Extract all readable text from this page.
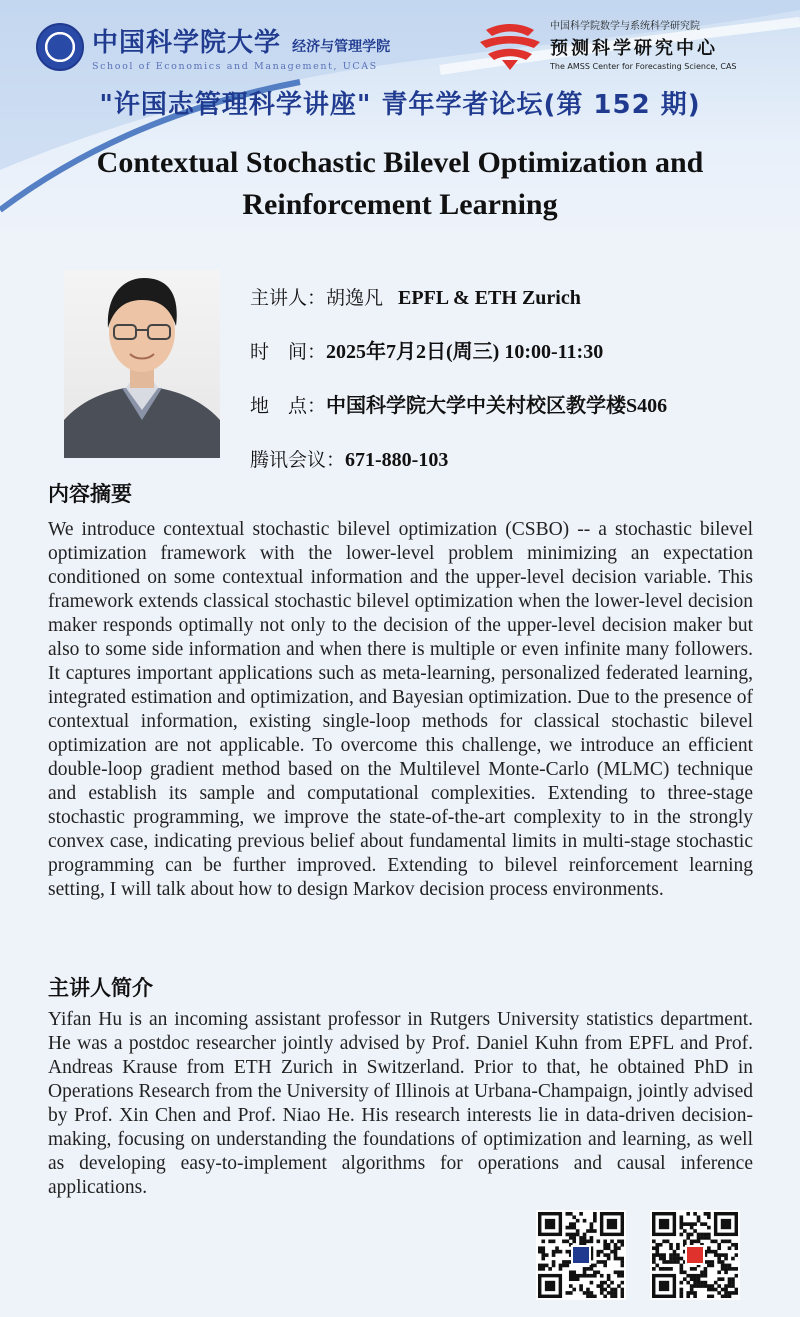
中国科学院大学 经济与管理学院
School of Economics and Management, UCAS
中国科学院数学与系统科学研究院
预测科学研究中心
The AMSS Center for Forecasting Science, CAS
"许国志管理科学讲座" 青年学者论坛(第 152 期)
Contextual Stochastic Bilevel Optimization and Reinforcement Learning
主讲人：胡逸凡 EPFL & ETH Zurich
时　间：2025年7月2日(周三) 10:00-11:30
地　点：中国科学院大学中关村校区教学楼S406
腾讯会议：671-880-103
内容摘要
We introduce contextual stochastic bilevel optimization (CSBO) -- a stochastic bilevel optimization framework with the lower-level problem minimizing an expectation conditioned on some contextual information and the upper-level decision variable. This framework extends classical stochastic bilevel optimization when the lower-level decision maker responds optimally not only to the decision of the upper-level decision maker but also to some side information and when there is multiple or even infinite many followers. It captures important applications such as meta-learning, personalized federated learning, integrated estimation and optimization, and Bayesian optimization. Due to the presence of contextual information, existing single-loop methods for classical stochastic bilevel optimization are not applicable. To overcome this challenge, we introduce an efficient double-loop gradient method based on the Multilevel Monte-Carlo (MLMC) technique and establish its sample and computational complexities. Extending to three-stage stochastic programming, we improve the state-of-the-art complexity to in the strongly convex case, indicating previous belief about fundamental limits in multi-stage stochastic programming can be further improved. Extending to bilevel reinforcement learning setting, I will talk about how to design Markov decision process environments.
主讲人简介
Yifan Hu is an incoming assistant professor in Rutgers University statistics department. He was a postdoc researcher jointly advised by Prof. Daniel Kuhn from EPFL and Prof. Andreas Krause from ETH Zurich in Switzerland. Prior to that, he obtained PhD in Operations Research from the University of Illinois at Urbana-Champaign, jointly advised by Prof. Xin Chen and Prof. Niao He. His research interests lie in data-driven decision-making, focusing on understanding the foundations of optimization and learning, as well as developing easy-to-implement algorithms for operations and causal inference applications.
